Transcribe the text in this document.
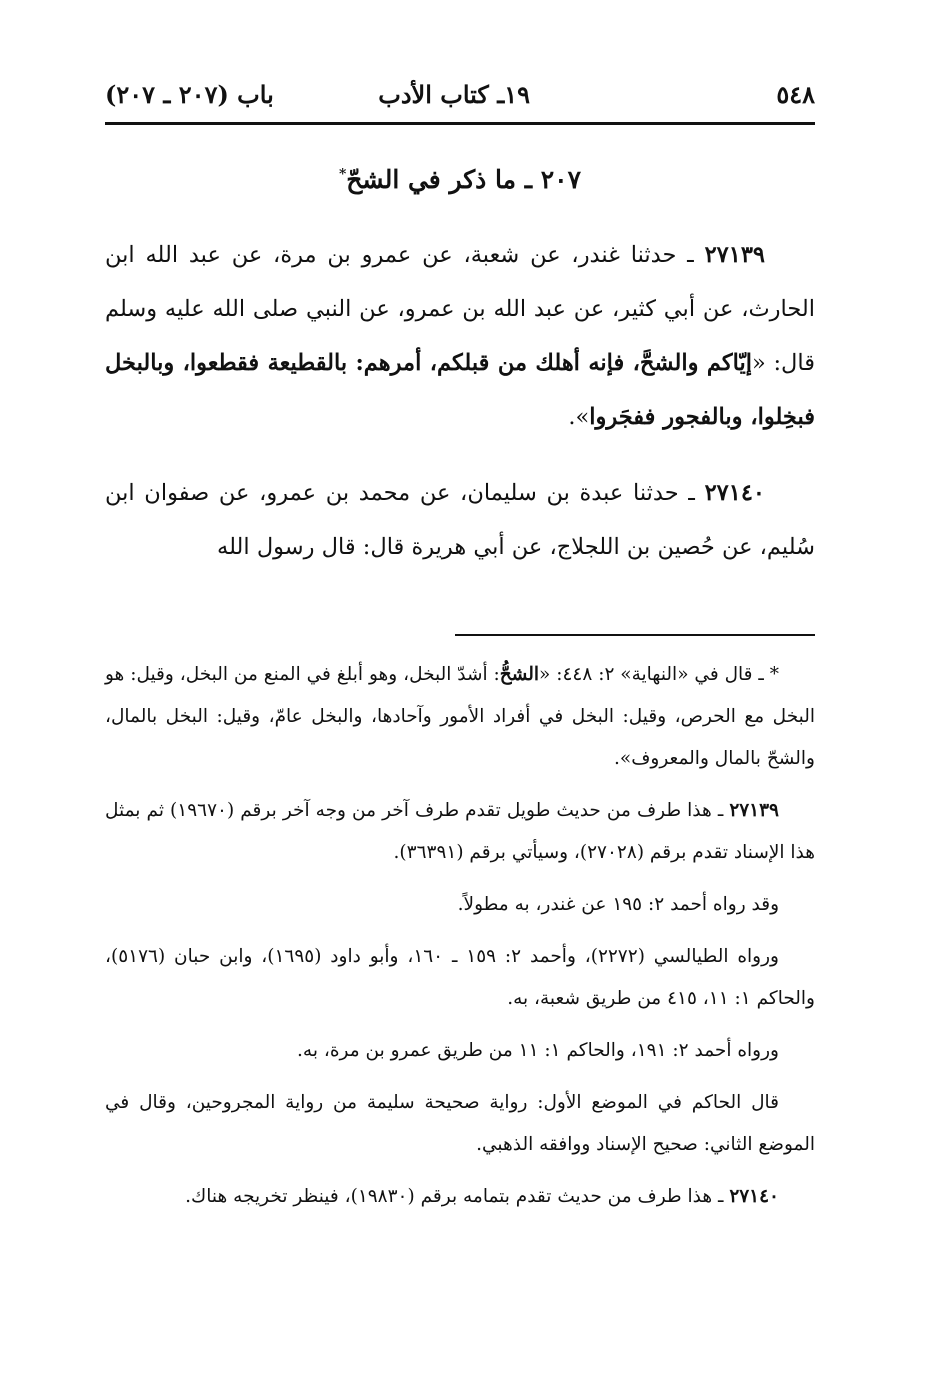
٥٤٨
١٩ـ كتاب الأدب
باب (٢٠٧ ـ ٢٠٧)
٢٠٧ ـ ما ذكر في الشحّ*

٢٧١٣٩ ـ حدثنا غندر، عن شعبة، عن عمرو بن مرة، عن عبد الله ابن الحارث، عن أبي كثير، عن عبد الله بن عمرو، عن النبي صلى الله عليه وسلم قال: «إيّاكم والشحَّ، فإنه أهلك من قبلكم، أمرهم: بالقطيعة فقطعوا، وبالبخل فبخِلوا، وبالفجور ففجَروا».

٢٧١٤٠ ـ حدثنا عبدة بن سليمان، عن محمد بن عمرو، عن صفوان ابن سُليم، عن حُصين بن اللجلاج، عن أبي هريرة قال: قال رسول الله

* ـ قال في «النهاية» ٢: ٤٤٨: «الشحُّ: أشدّ البخل، وهو أبلغ في المنع من البخل، وقيل: هو البخل مع الحرص، وقيل: البخل في أفراد الأمور وآحادها، والبخل عامّ، وقيل: البخل بالمال، والشحّ بالمال والمعروف».

٢٧١٣٩ ـ هذا طرف من حديث طويل تقدم طرف آخر من وجه آخر برقم (١٩٦٧٠) ثم بمثل هذا الإسناد تقدم برقم (٢٧٠٢٨)، وسيأتي برقم (٣٦٣٩١).

وقد رواه أحمد ٢: ١٩٥ عن غندر، به مطولاً.

ورواه الطيالسي (٢٢٧٢)، وأحمد ٢: ١٥٩ ـ ١٦٠، وأبو داود (١٦٩٥)، وابن حبان (٥١٧٦)، والحاكم ١: ١١، ٤١٥ من طريق شعبة، به.

ورواه أحمد ٢: ١٩١، والحاكم ١: ١١ من طريق عمرو بن مرة، به.

قال الحاكم في الموضع الأول: رواية صحيحة سليمة من رواية المجروحين، وقال في الموضع الثاني: صحيح الإسناد ووافقه الذهبي.

٢٧١٤٠ ـ هذا طرف من حديث تقدم بتمامه برقم (١٩٨٣٠)، فينظر تخريجه هناك.
